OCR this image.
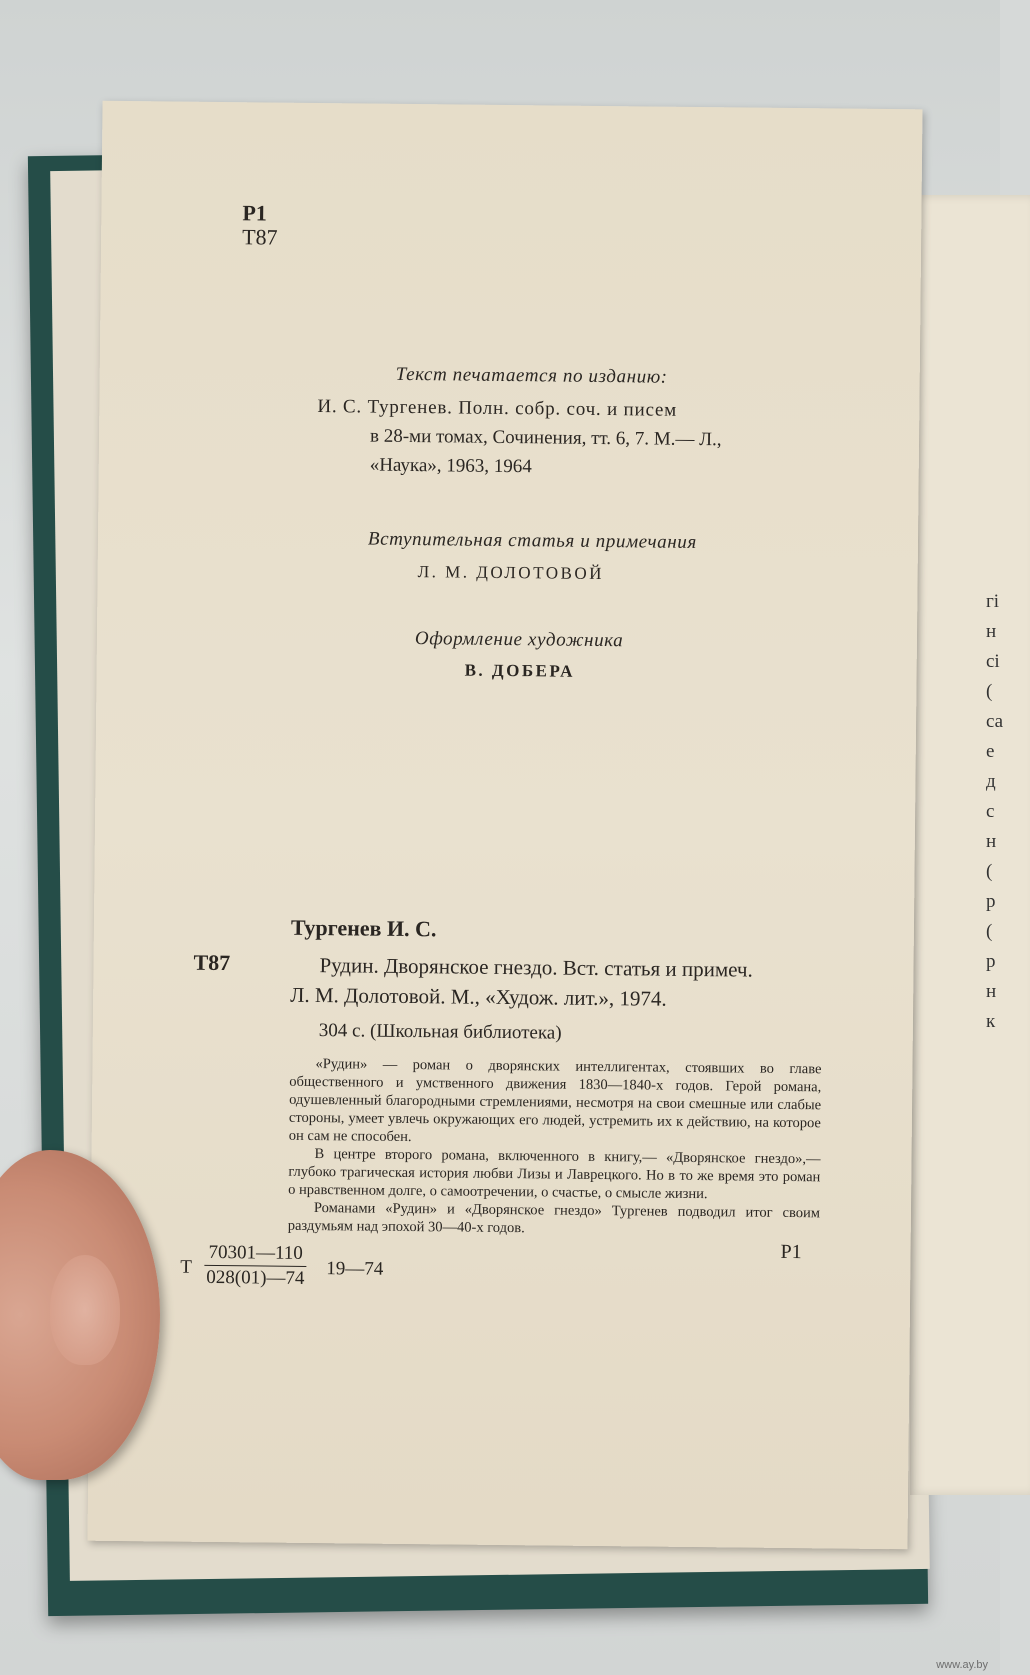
гі
н
сі
(
са
е
д
с
н
(
р
(
р
н
к
Р1
Т87
Текст печатается по изданию:
И. С. Тургенев. Полн. собр. соч. и писем
в 28-ми томах, Сочинения, тт. 6, 7. М.— Л.,
«Наука», 1963, 1964
Вступительная статья и примечания
Л. М. ДОЛОТОВОЙ
Оформление художника
В. ДОБЕРА
Тургенев И. С.
Т87	Рудин. Дворянское гнездо. Вст. статья и примеч.
Л. М. Долотовой. М., «Худож. лит.», 1974.
304 с. (Школьная библиотека)

«Рудин» — роман о дворянских интеллигентах, стоявших во главе общественного и умственного движения 1830—1840-х годов. Герой романа, одушевленный благородными стремлениями, несмотря на свои смешные или слабые стороны, умеет увлечь окружающих его людей, устремить их к действию, на которое он сам не способен.

В центре второго романа, включенного в книгу,— «Дворянское гнездо»,— глубоко трагическая история любви Лизы и Лаврецкого. Но в то же время это роман о нравственном долге, о самоотречении, о счастье, о смысле жизни.

Романами «Рудин» и «Дворянское гнездо» Тургенев подводил итог своим раздумьям над эпохой 30—40-х годов.

Т $\frac{70301—110}{028(01)—74}$ 19—74
Р1
www.ay.by
